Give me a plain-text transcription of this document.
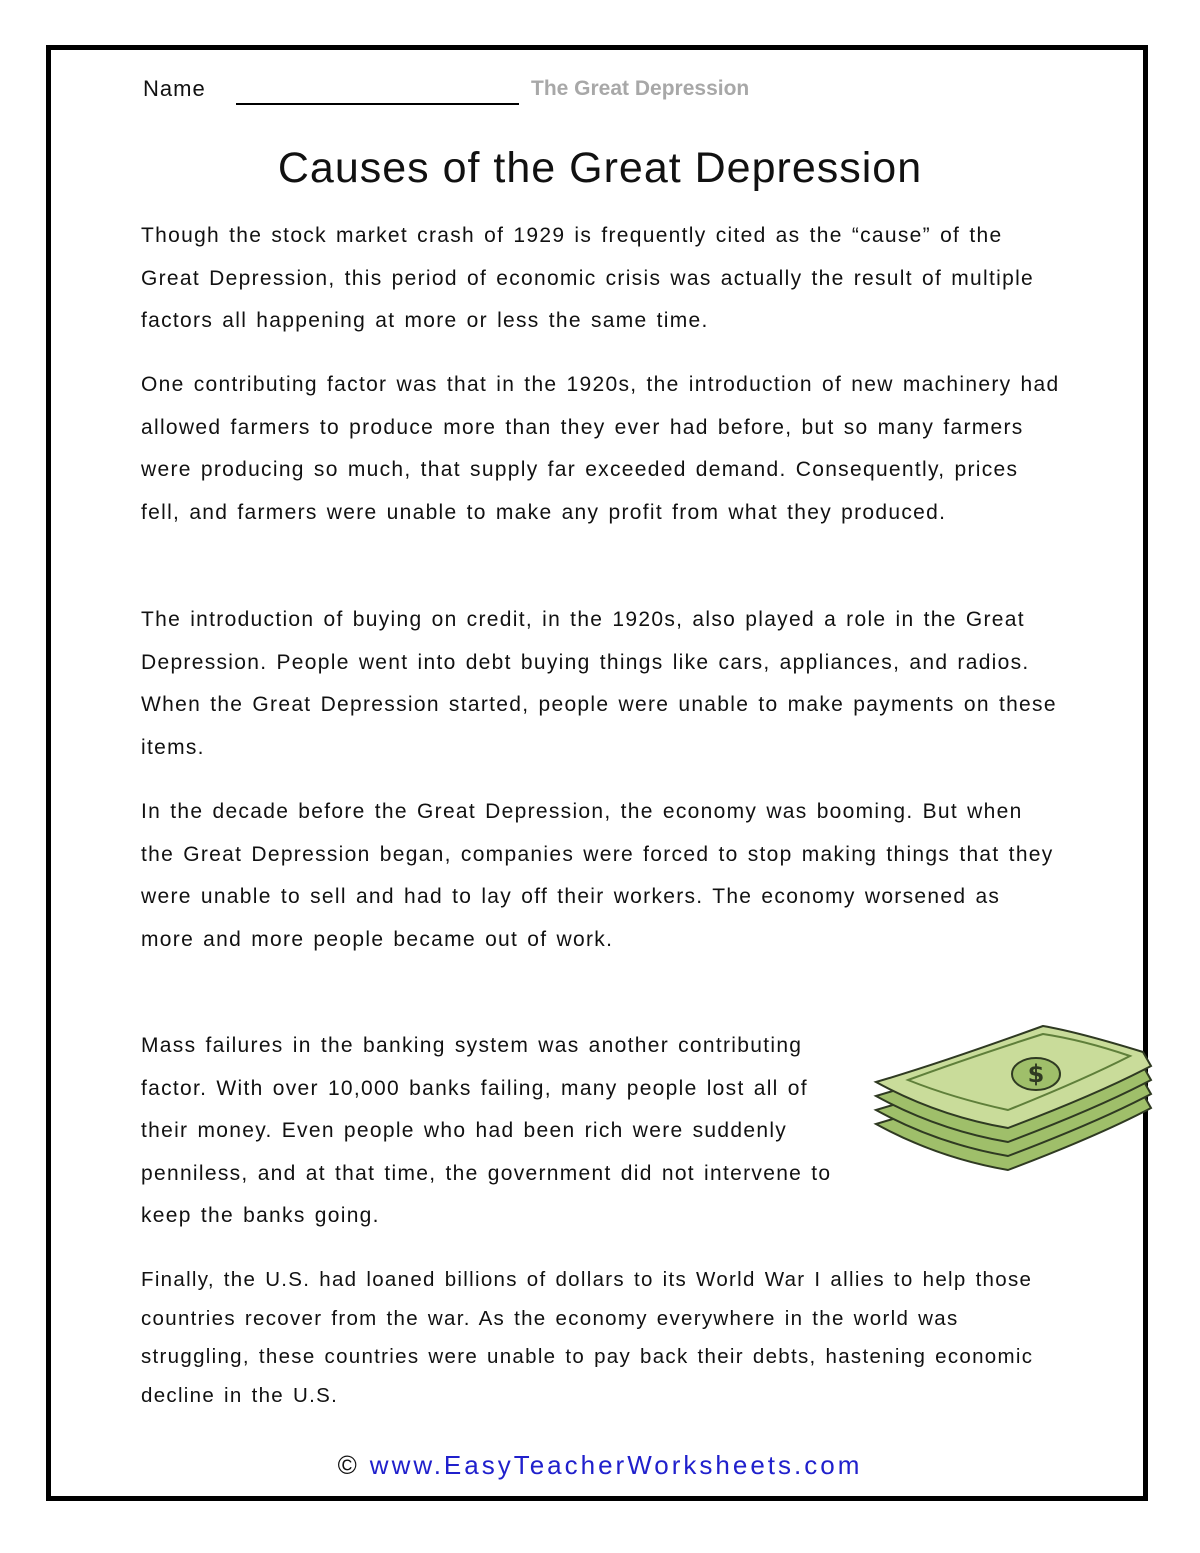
Name	The Great Depression
Causes of the Great Depression

Though the stock market crash of 1929 is frequently cited as the “cause” of the Great Depression, this period of economic crisis was actually the result of multiple factors all happening at more or less the same time.

One contributing factor was that in the 1920s, the introduction of new machinery had allowed farmers to produce more than they ever had before, but so many farmers were producing so much, that supply far exceeded demand. Consequently, prices fell, and farmers were unable to make any profit from what they produced.

The introduction of buying on credit, in the 1920s, also played a role in the Great Depression. People went into debt buying things like cars, appliances, and radios. When the Great Depression started, people were unable to make payments on these items.

In the decade before the Great Depression, the economy was booming. But when the Great Depression began, companies were forced to stop making things that they were unable to sell and had to lay off their workers. The economy worsened as more and more people became out of work.

Mass failures in the banking system was another contributing factor. With over 10,000 banks failing, many people lost all of their money. Even people who had been rich were suddenly penniless, and at that time, the government did not intervene to keep the banks going.

Finally, the U.S. had loaned billions of dollars to its World War I allies to help those countries recover from the war. As the economy everywhere in the world was struggling, these countries were unable to pay back their debts, hastening economic decline in the U.S.

$
© www.EasyTeacherWorksheets.com
